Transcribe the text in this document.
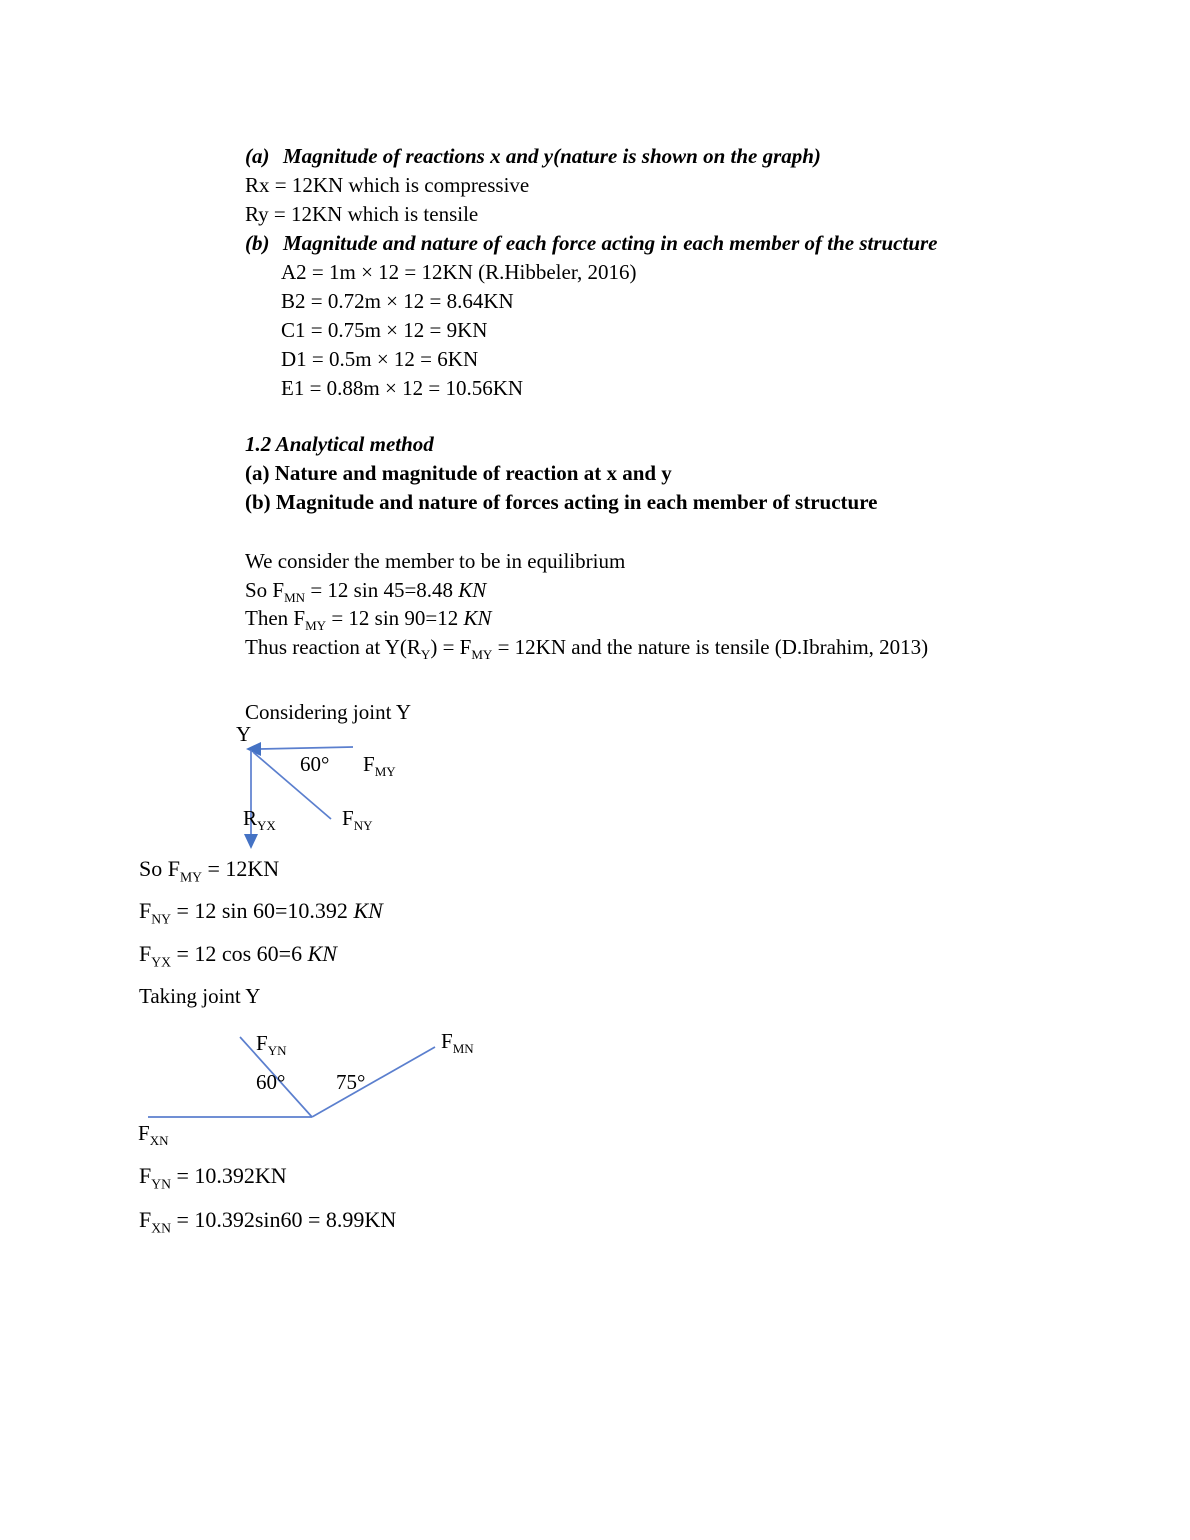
(a) Magnitude of reactions x and y(nature is shown on the graph)
Rx = 12KN which is compressive
Ry = 12KN which is tensile
(b) Magnitude and nature of each force acting in each member of the structure
A2 = 1m × 12 = 12KN (R.Hibbeler, 2016)
B2 = 0.72m × 12 = 8.64KN
C1 = 0.75m × 12 = 9KN
D1 = 0.5m × 12 = 6KN
E1 = 0.88m × 12 = 10.56KN
1.2 Analytical method
(a) Nature and magnitude of reaction at x and y
(b) Magnitude and nature of forces acting in each member of structure
We consider the member to be in equilibrium
So $F_{MN} = 12$ sin 45=8.48 KN
Then $F_{MY} = 12$ sin 90=12 KN
Thus reaction at $Y(R_Y) = F_{MY} = 12KN$ and the nature is tensile (D.Ibrahim, 2013)
Considering joint Y
Y
60° $F_{MY}$
$R_{YX}$	$F_{NY}$
So $F_{MY} = 12KN$
$F_{NY} = 12$ sin 60=10.392 KN
$F_{YX} = 12$ cos 60=6 KN
Taking joint Y
$F_{YN}$	$F_{MN}$
60° 75°
$F_{XN}$
$F_{YN} = 10.392KN$
$F_{XN} = 10.392\sin 60 = 8.99KN$
